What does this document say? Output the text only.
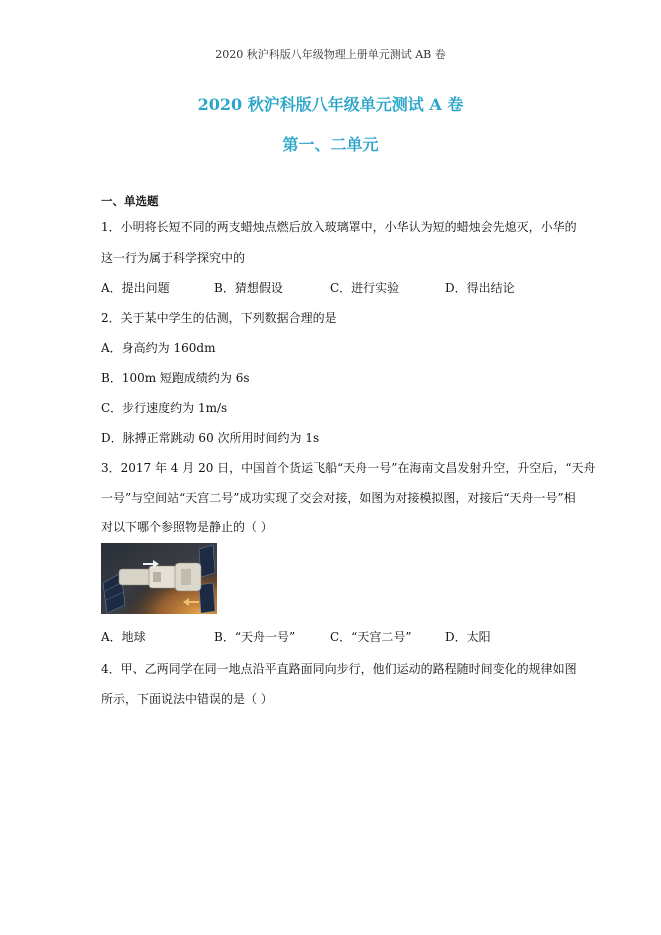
2020 秋沪科版八年级物理上册单元测试 AB 卷
2020 秋沪科版八年级单元测试 A 卷
第一、二单元
一、单选题
1．小明将长短不同的两支蜡烛点燃后放入玻璃罩中，小华认为短的蜡烛会先熄灭，小华的
这一行为属于科学探究中的
A．提出问题	B．猜想假设	C．进行实验	D．得出结论
2．关于某中学生的估测，下列数据合理的是
A．身高约为 160dm
B．100m 短跑成绩约为 6s
C．步行速度约为 1m/s
D．脉搏正常跳动 60 次所用时间约为 1s
3．2017 年 4 月 20 日，中国首个货运飞船“天舟一号”在海南文昌发射升空，升空后，“天舟
一号”与空间站“天宫二号”成功实现了交会对接，如图为对接模拟图，对接后“天舟一号”相
对以下哪个参照物是静止的（ ）
A．地球	B．“天舟一号”	C．“天宫二号”	D．太阳
4．甲、乙两同学在同一地点沿平直路面同向步行，他们运动的路程随时间变化的规律如图
所示，下面说法中错误的是（ ）
